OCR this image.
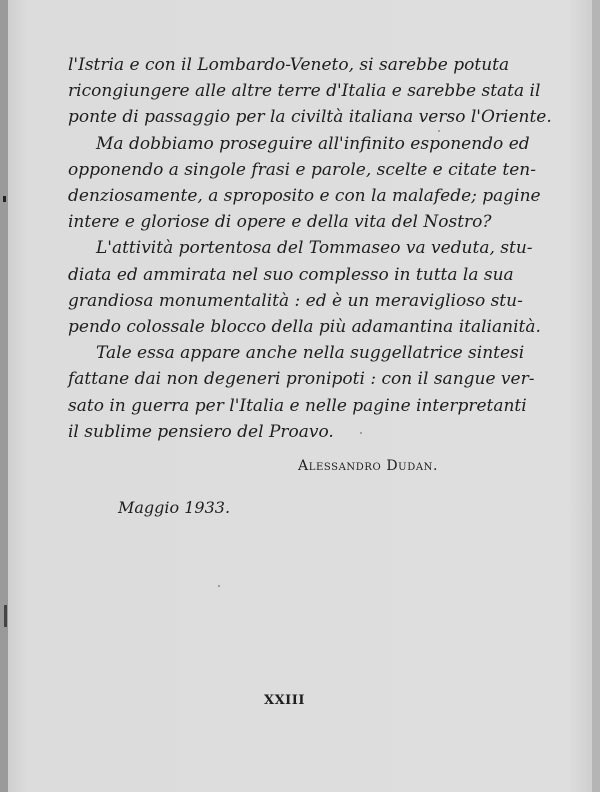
l'Istria e con il Lombardo-Veneto, si sarebbe potuta
ricongiungere alle altre terre d'Italia e sarebbe stata il
ponte di passaggio per la civiltà italiana verso l'Oriente.
Ma dobbiamo proseguire all'infinito esponendo ed
opponendo a singole frasi e parole, scelte e citate ten-
denziosamente, a sproposito e con la malafede; pagine
intere e gloriose di opere e della vita del Nostro?
L'attività portentosa del Tommaseo va veduta, stu-
diata ed ammirata nel suo complesso in tutta la sua
grandiosa monumentalità : ed è un meraviglioso stu-
pendo colossale blocco della più adamantina italianità.
Tale essa appare anche nella suggellatrice sintesi
fattane dai non degeneri pronipoti : con il sangue ver-
sato in guerra per l'Italia e nelle pagine interpretanti
il sublime pensiero del Proavo.
Alessandro Dudan.
Maggio 1933.
XXIII
